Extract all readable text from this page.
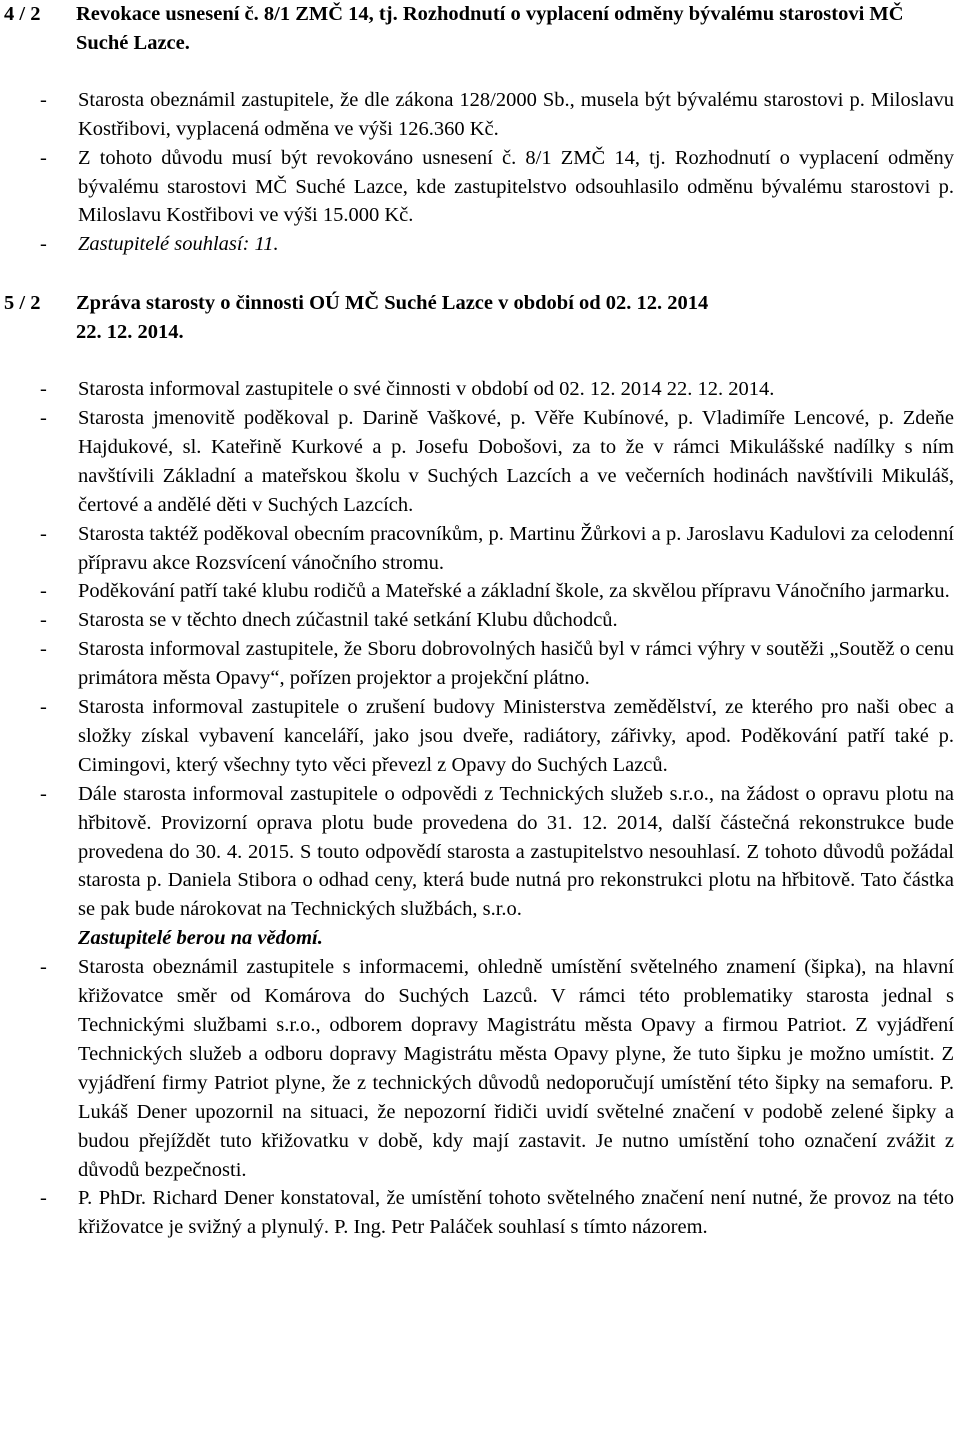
4 / 2	Revokace usnesení č. 8/1 ZMČ 14, tj. Rozhodnutí o vyplacení odměny bývalému starostovi MČ Suché Lazce.
-	Starosta obeznámil zastupitele, že dle zákona 128/2000 Sb., musela být bývalému starostovi p. Miloslavu Kostřibovi, vyplacená odměna ve výši 126.360 Kč.
-	Z tohoto důvodu musí být revokováno usnesení č. 8/1 ZMČ 14, tj. Rozhodnutí o vyplacení odměny bývalému starostovi MČ Suché Lazce, kde zastupitelstvo odsouhlasilo odměnu bývalému starostovi p. Miloslavu Kostřibovi ve výši 15.000 Kč.
-	Zastupitelé souhlasí: 11.
5 / 2	Zpráva starosty o činnosti OÚ MČ Suché Lazce v období od 02. 12. 2014 22. 12. 2014.
-	Starosta informoval zastupitele o své činnosti v období od 02. 12. 2014 22. 12. 2014.
-	Starosta jmenovitě poděkoval p. Darině Vaškové, p. Věře Kubínové, p. Vladimíře Lencové, p. Zdeňe Hajdukové, sl. Kateřině Kurkové a p. Josefu Dobošovi, za to že v rámci Mikulášské nadílky s ním navštívili Základní a mateřskou školu v Suchých Lazcích a ve večerních hodinách navštívili Mikuláš, čertové a andělé děti v Suchých Lazcích.
-	Starosta taktéž poděkoval obecním pracovníkům, p. Martinu Žůrkovi a p. Jaroslavu Kadulovi za celodenní přípravu akce Rozsvícení vánočního stromu.
-	Poděkování patří také klubu rodičů a Mateřské a základní škole, za skvělou přípravu Vánočního jarmarku.
-	Starosta se v těchto dnech zúčastnil také setkání Klubu důchodců.
-	Starosta informoval zastupitele, že Sboru dobrovolných hasičů byl v rámci výhry v soutěži „Soutěž o cenu primátora města Opavy“, pořízen projektor a projekční plátno.
-	Starosta informoval zastupitele o zrušení budovy Ministerstva zemědělství, ze kterého pro naši obec a složky získal vybavení kanceláří, jako jsou dveře, radiátory, zářivky, apod. Poděkování patří také p. Cimingovi, který všechny tyto věci převezl z Opavy do Suchých Lazců.
-	Dále starosta informoval zastupitele o odpovědi z Technických služeb s.r.o., na žádost o opravu plotu na hřbitově. Provizorní oprava plotu bude provedena do 31. 12. 2014, další částečná rekonstrukce bude provedena do 30. 4. 2015. S touto odpovědí starosta a zastupitelstvo nesouhlasí. Z tohoto důvodů požádal starosta p. Daniela Stibora o odhad ceny, která bude nutná pro rekonstrukci plotu na hřbitově. Tato částka se pak bude nárokovat na Technických službách, s.r.o.
Zastupitelé berou na vědomí.
-	Starosta obeznámil zastupitele s informacemi, ohledně umístění světelného znamení (šipka), na hlavní křižovatce směr od Komárova do Suchých Lazců. V rámci této problematiky starosta jednal s Technickými službami s.r.o., odborem dopravy Magistrátu města Opavy a firmou Patriot. Z vyjádření Technických služeb a odboru dopravy Magistrátu města Opavy plyne, že tuto šipku je možno umístit. Z vyjádření firmy Patriot plyne, že z technických důvodů nedoporučují umístění této šipky na semaforu. P. Lukáš Dener upozornil na situaci, že nepozorní řidiči uvidí světelné značení v podobě zelené šipky a budou přejíždět tuto křižovatku v době, kdy mají zastavit. Je nutno umístění toho označení zvážit z důvodů bezpečnosti.
-	P. PhDr. Richard Dener konstatoval, že umístění tohoto světelného značení není nutné, že provoz na této křižovatce je svižný a plynulý. P. Ing. Petr Paláček souhlasí s tímto názorem.
